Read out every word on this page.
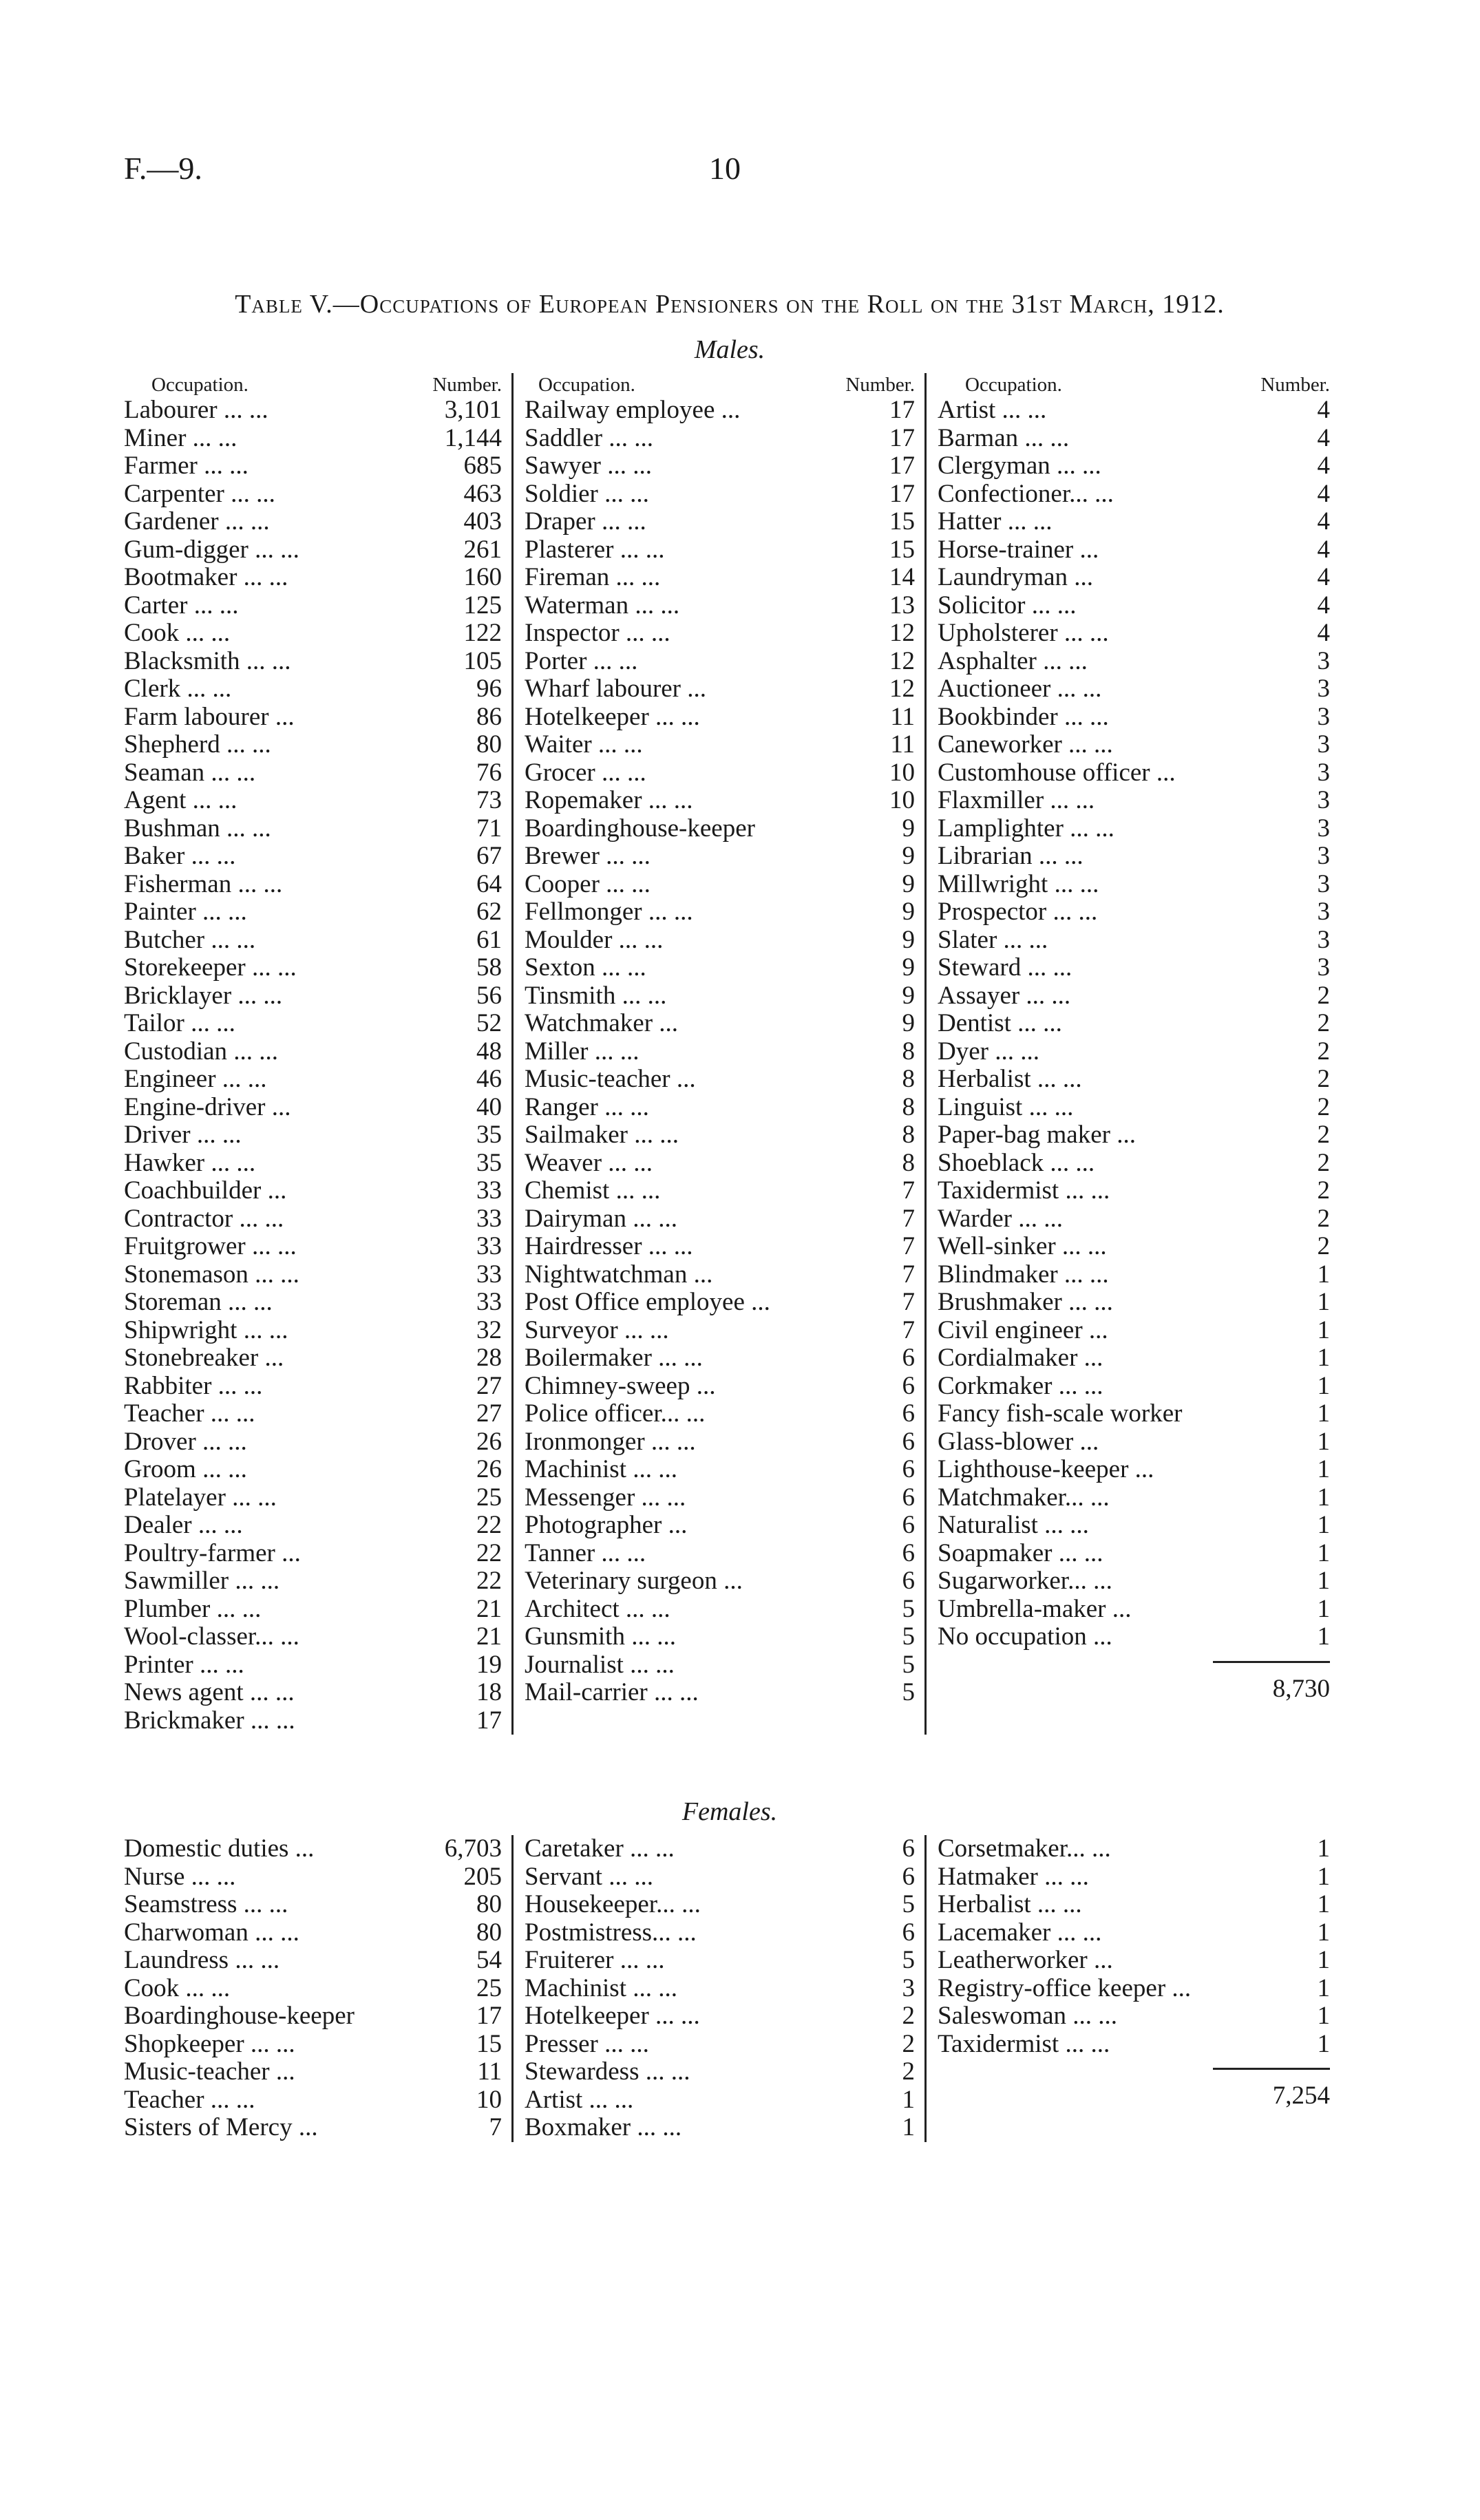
F.—9.	10
Table V.—Occupations of European Pensioners on the Roll on the 31st March, 1912.
Males.
Occupation.	Number.
Labourer ... ...	3,101
Miner ... ...	1,144
Farmer ... ...	685
Carpenter ... ...	463
Gardener ... ...	403
Gum-digger ... ...	261
Bootmaker ... ...	160
Carter ... ...	125
Cook ... ...	122
Blacksmith ... ...	105
Clerk ... ...	96
Farm labourer ...	86
Shepherd ... ...	80
Seaman ... ...	76
Agent ... ...	73
Bushman ... ...	71
Baker ... ...	67
Fisherman ... ...	64
Painter ... ...	62
Butcher ... ...	61
Storekeeper ... ...	58
Bricklayer ... ...	56
Tailor ... ...	52
Custodian ... ...	48
Engineer ... ...	46
Engine-driver ...	40
Driver ... ...	35
Hawker ... ...	35
Coachbuilder ...	33
Contractor ... ...	33
Fruitgrower ... ...	33
Stonemason ... ...	33
Storeman ... ...	33
Shipwright ... ...	32
Stonebreaker ...	28
Rabbiter ... ...	27
Teacher ... ...	27
Drover ... ...	26
Groom ... ...	26
Platelayer ... ...	25
Dealer ... ...	22
Poultry-farmer ...	22
Sawmiller ... ...	22
Plumber ... ...	21
Wool-classer... ...	21
Printer ... ...	19
News agent ... ...	18
Brickmaker ... ...	17
Occupation.	Number.
Railway employee ...	17
Saddler ... ...	17
Sawyer ... ...	17
Soldier ... ...	17
Draper ... ...	15
Plasterer ... ...	15
Fireman ... ...	14
Waterman ... ...	13
Inspector ... ...	12
Porter ... ...	12
Wharf labourer ...	12
Hotelkeeper ... ...	11
Waiter ... ...	11
Grocer ... ...	10
Ropemaker ... ...	10
Boardinghouse-keeper	9
Brewer ... ...	9
Cooper ... ...	9
Fellmonger ... ...	9
Moulder ... ...	9
Sexton ... ...	9
Tinsmith ... ...	9
Watchmaker ...	9
Miller ... ...	8
Music-teacher ...	8
Ranger ... ...	8
Sailmaker ... ...	8
Weaver ... ...	8
Chemist ... ...	7
Dairyman ... ...	7
Hairdresser ... ...	7
Nightwatchman ...	7
Post Office employee ...	7
Surveyor ... ...	7
Boilermaker ... ...	6
Chimney-sweep ...	6
Police officer... ...	6
Ironmonger ... ...	6
Machinist ... ...	6
Messenger ... ...	6
Photographer ...	6
Tanner ... ...	6
Veterinary surgeon ...	6
Architect ... ...	5
Gunsmith ... ...	5
Journalist ... ...	5
Mail-carrier ... ...	5
Occupation.	Number.
Artist ... ...	4
Barman ... ...	4
Clergyman ... ...	4
Confectioner... ...	4
Hatter ... ...	4
Horse-trainer ...	4
Laundryman ...	4
Solicitor ... ...	4
Upholsterer ... ...	4
Asphalter ... ...	3
Auctioneer ... ...	3
Bookbinder ... ...	3
Caneworker ... ...	3
Customhouse officer ...	3
Flaxmiller ... ...	3
Lamplighter ... ...	3
Librarian ... ...	3
Millwright ... ...	3
Prospector ... ...	3
Slater ... ...	3
Steward ... ...	3
Assayer ... ...	2
Dentist ... ...	2
Dyer ... ...	2
Herbalist ... ...	2
Linguist ... ...	2
Paper-bag maker ...	2
Shoeblack ... ...	2
Taxidermist ... ...	2
Warder ... ...	2
Well-sinker ... ...	2
Blindmaker ... ...	1
Brushmaker ... ...	1
Civil engineer ...	1
Cordialmaker ...	1
Corkmaker ... ...	1
Fancy fish-scale worker	1
Glass-blower ...	1
Lighthouse-keeper ...	1
Matchmaker... ...	1
Naturalist ... ...	1
Soapmaker ... ...	1
Sugarworker... ...	1
Umbrella-maker ...	1
No occupation ...	1
8,730
Females.
Domestic duties ...	6,703
Nurse ... ...	205
Seamstress ... ...	80
Charwoman ... ...	80
Laundress ... ...	54
Cook ... ...	25
Boardinghouse-keeper	17
Shopkeeper ... ...	15
Music-teacher ...	11
Teacher ... ...	10
Sisters of Mercy ...	7
Caretaker ... ...	6
Servant ... ...	6
Housekeeper... ...	5
Postmistress... ...	6
Fruiterer ... ...	5
Machinist ... ...	3
Hotelkeeper ... ...	2
Presser ... ...	2
Stewardess ... ...	2
Artist ... ...	1
Boxmaker ... ...	1
Corsetmaker... ...	1
Hatmaker ... ...	1
Herbalist ... ...	1
Lacemaker ... ...	1
Leatherworker ...	1
Registry-office keeper ...	1
Saleswoman ... ...	1
Taxidermist ... ...	1
7,254
